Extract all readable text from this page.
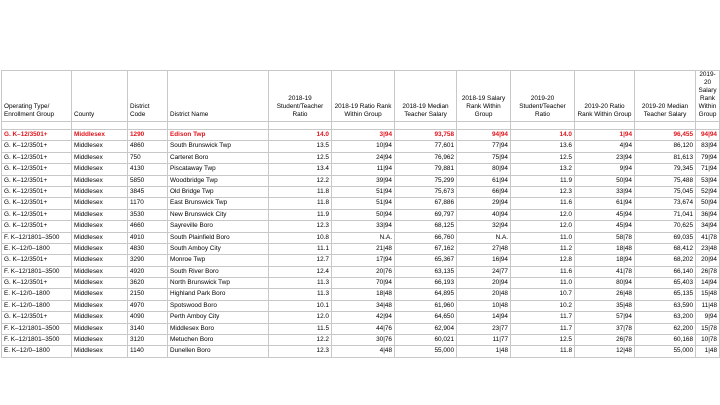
Operating Type/ Enrollment Group	County	District Code	District Name	2018-19 Student/Teacher Ratio	2018-19 Ratio Rank Within Group	2018-19 Median Teacher Salary	2018-19 Salary Rank Within Group	2019-20 Student/Teacher Ratio	2019-20 Ratio Rank Within Group	2019-20 Median Teacher Salary	2019-20 Salary Rank Within Group

G. K–12/3501+	Middlesex	1290	Edison Twp	14.0	3|94	93,758	94|94	14.0	1|94	96,455	94|94
G. K–12/3501+	Middlesex	4860	South Brunswick Twp	13.5	10|94	77,601	77|94	13.6	4|94	86,120	83|94
G. K–12/3501+	Middlesex	750	Carteret Boro	12.5	24|94	76,962	75|94	12.5	23|94	81,613	79|94
G. K–12/3501+	Middlesex	4130	Piscataway Twp	13.4	11|94	79,881	80|94	13.2	9|94	79,345	71|94
G. K–12/3501+	Middlesex	5850	Woodbridge Twp	12.2	39|94	75,299	61|94	11.9	50|94	75,488	53|94
G. K–12/3501+	Middlesex	3845	Old Bridge Twp	11.8	51|94	75,673	66|94	12.3	33|94	75,045	52|94
G. K–12/3501+	Middlesex	1170	East Brunswick Twp	11.8	51|94	67,886	29|94	11.6	61|94	73,674	50|94
G. K–12/3501+	Middlesex	3530	New Brunswick City	11.9	50|94	69,797	40|94	12.0	45|94	71,041	36|94
G. K–12/3501+	Middlesex	4660	Sayreville Boro	12.3	33|94	68,125	32|94	12.0	45|94	70,625	34|94
F. K–12/1801–3500	Middlesex	4910	South Plainfield Boro	10.8	N.A.	66,760	N.A.	11.0	58|78	69,035	41|78
E. K–12/0–1800	Middlesex	4830	South Amboy City	11.1	21|48	67,162	27|48	11.2	18|48	68,412	23|48
G. K–12/3501+	Middlesex	3290	Monroe Twp	12.7	17|94	65,367	16|94	12.8	18|94	68,202	20|94
F. K–12/1801–3500	Middlesex	4920	South River Boro	12.4	20|76	63,135	24|77	11.6	41|78	66,140	26|78
G. K–12/3501+	Middlesex	3620	North Brunswick Twp	11.3	70|94	66,193	20|94	11.0	80|94	65,403	14|94
E. K–12/0–1800	Middlesex	2150	Highland Park Boro	11.3	18|48	64,895	20|48	10.7	26|48	65,135	15|48
E. K–12/0–1800	Middlesex	4970	Spotswood Boro	10.1	34|48	61,960	10|48	10.2	35|48	63,590	11|48
G. K–12/3501+	Middlesex	4090	Perth Amboy City	12.0	42|94	64,650	14|94	11.7	57|94	63,200	9|94
F. K–12/1801–3500	Middlesex	3140	Middlesex Boro	11.5	44|76	62,904	23|77	11.7	37|78	62,200	15|78
F. K–12/1801–3500	Middlesex	3120	Metuchen Boro	12.2	30|76	60,021	11|77	12.5	26|78	60,168	10|78
E. K–12/0–1800	Middlesex	1140	Dunellen Boro	12.3	4|48	55,000	1|48	11.8	12|48	55,000	1|48
